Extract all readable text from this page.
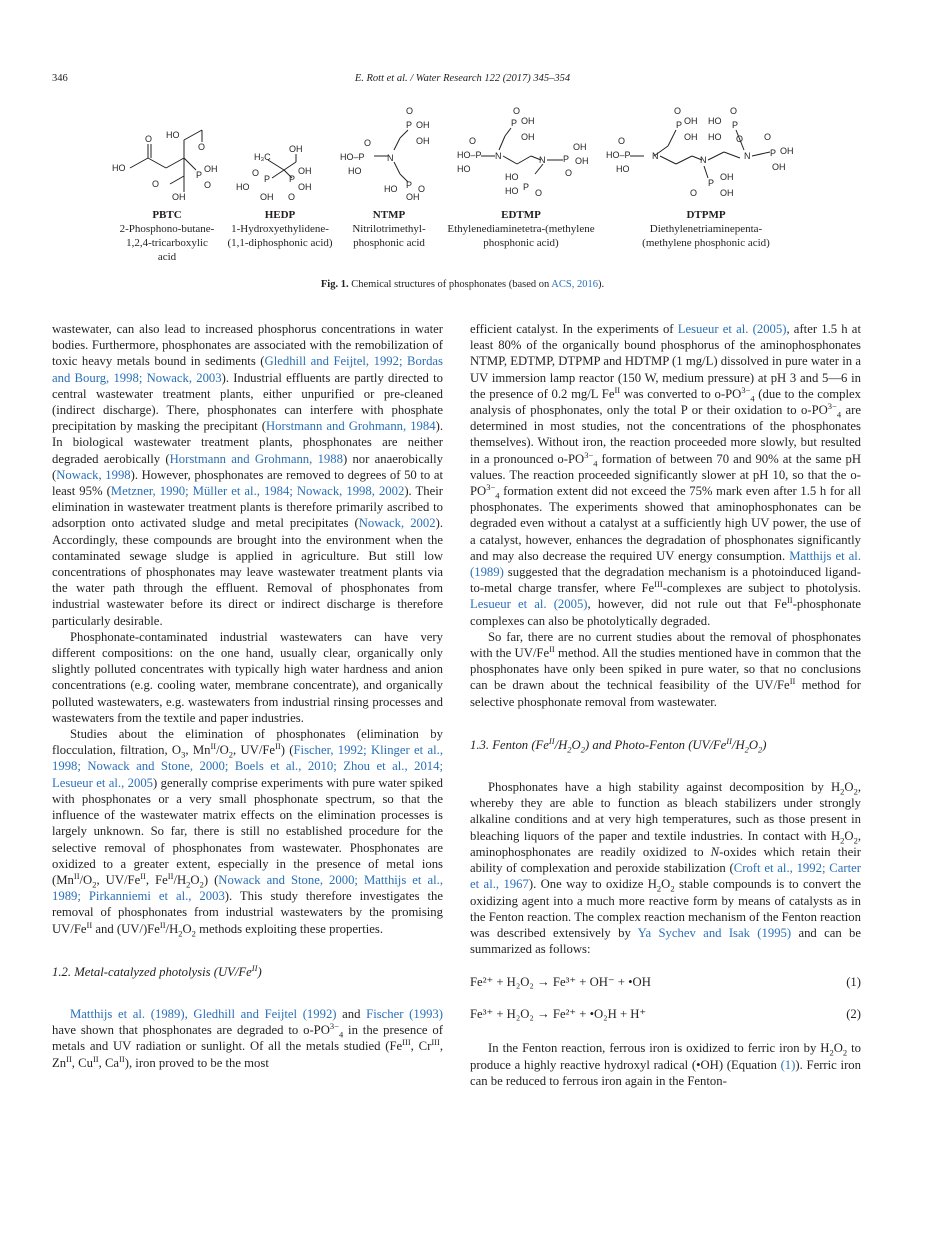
346	E. Rott et al. / Water Research 122 (2017) 345–354
HO
O HO
O
O
OH
P
OH
O
H₃C
OH
P P
OH
OH
HO
O
OH O
O
P OH
OH
N
HO–P
O
HO
P
HO O
OH
O
P OH
OH
N
HO–P
O
HO
N P
OH
OH
O
HO
P
HO O
O
P OH
OH
HO
O
P
HO O
N
HO–P
O
HO
N	N P OH
OH
O
P
OH
OH
O
PBTC
2-Phosphono-butane-1,2,4-tricarboxylic acid
HEDP
1-Hydroxyethylidene-(1,1-diphosphonic acid)
NTMP
Nitrilotrimethyl-phosphonic acid
EDTMP
Ethylenediaminetetra-(methylene phosphonic acid)
DTPMP
Diethylenetriaminepenta-(methylene phosphonic acid)
Fig. 1. Chemical structures of phosphonates (based on ACS, 2016).

wastewater, can also lead to increased phosphorus concentrations in water bodies. Furthermore, phosphonates are associated with the remobilization of toxic heavy metals bound in sediments (Gledhill and Feijtel, 1992; Bordas and Bourg, 1998; Nowack, 2003). Industrial effluents are partly directed to central wastewater treatment plants, either unpurified or pre-cleaned (indirect discharge). There, phosphonates can interfere with phosphate precipitation by masking the precipitant (Horstmann and Grohmann, 1984). In biological wastewater treatment plants, phosphonates are neither degraded aerobically (Horstmann and Grohmann, 1988) nor anaerobically (Nowack, 1998). However, phosphonates are removed to degrees of 50 to at least 95% (Metzner, 1990; Müller et al., 1984; Nowack, 1998, 2002). Their elimination in wastewater treatment plants is therefore primarily ascribed to adsorption onto activated sludge and metal precipitates (Nowack, 2002). Accordingly, these compounds are brought into the environment when the contaminated sewage sludge is applied in agriculture. But still low concentrations of phosphonates may leave wastewater treatment plants via the water path through the effluent. Removal of phosphonates from industrial wastewater before its direct or indirect discharge is therefore particularly desirable.

Phosphonate-contaminated industrial wastewaters can have very different compositions: on the one hand, usually clear, organically only slightly polluted concentrates with typically high water hardness and anion concentrations (e.g. cooling water, membrane concentrate), and organically polluted wastewaters, e.g. wastewaters from industrial rinsing processes and wastewaters from the textile and paper industries.

Studies about the elimination of phosphonates (elimination by flocculation, filtration, $O_3$, $Mn^{II}/O_2$, $UV/Fe^{II}$) (Fischer, 1992; Klinger et al., 1998; Nowack and Stone, 2000; Boels et al., 2010; Zhou et al., 2014; Lesueur et al., 2005) generally comprise experiments with pure water spiked with phosphonates or a very small phosphonate spectrum, so that the influence of the wastewater matrix effects on the elimination processes is largely unknown. So far, there is still no established procedure for the selective removal of phosphonates from wastewater. Phosphonates are oxidized to a greater extent, especially in the presence of metal ions ($Mn^{II}/O_2$, $UV/Fe^{II}$, $Fe^{II}/H_2O_2$) (Nowack and Stone, 2000; Matthijs et al., 1989; Pirkanniemi et al., 2003). This study therefore investigates the removal of phosphonates from industrial wastewaters by the promising $UV/Fe^{II}$ and $(UV/)Fe^{II}/H_2O_2$ methods exploiting these properties.

1.2. Metal-catalyzed photolysis $(UV/Fe^{II})$

Matthijs et al. (1989), Gledhill and Feijtel (1992) and Fischer (1993) have shown that phosphonates are degraded to $o-PO^{3-}_4$ in the presence of metals and UV radiation or sunlight. Of all the metals studied ($Fe^{III}$, $Cr^{III}$, $Zn^{II}$, $Cu^{II}$, $Ca^{II}$), iron proved to be the most

efficient catalyst. In the experiments of Lesueur et al. (2005), after 1.5 h at least 80% of the organically bound phosphorus of the aminophosphonates NTMP, EDTMP, DTPMP and HDTMP (1 mg/L) dissolved in pure water in a UV immersion lamp reactor (150 W, medium pressure) at pH 3 and 5—6 in the presence of 0.2 mg/L $Fe^{II}$ was converted to $o-PO^{3-}_4$ (due to the complex analysis of phosphonates, only the total P or their oxidation to $o-PO^{3-}_4$ are determined in most studies, not the concentrations of the phosphonates themselves). Without iron, the reaction proceeded more slowly, but resulted in a pronounced $o-PO^{3-}_4$ formation of between 70 and 90% at the same pH values. The reaction proceeded significantly slower at pH 10, so that the $o-PO^{3-}_4$ formation extent did not exceed the 75% mark even after 1.5 h for all phosphonates. The experiments showed that aminophosphonates can be degraded even without a catalyst at a sufficiently high UV power, the use of a catalyst, however, enhances the degradation of phosphonates significantly and may also decrease the required UV energy consumption. Matthijs et al. (1989) suggested that the degradation mechanism is a photoinduced ligand-to-metal charge transfer, where $Fe^{III}$-complexes are subject to photolysis. Lesueur et al. (2005), however, did not rule out that $Fe^{II}$-phosphonate complexes can also be photolytically degraded.

So far, there are no current studies about the removal of phosphonates with the $UV/Fe^{II}$ method. All the studies mentioned have in common that the phosphonates have only been spiked in pure water, so that no conclusions can be drawn about the technical feasibility of the $UV/Fe^{II}$ method for selective phosphonate removal from wastewater.

1.3. Fenton $(Fe^{II}/H_2O_2)$ and Photo-Fenton $(UV/Fe^{II}/H_2O_2)$

Phosphonates have a high stability against decomposition by $H_2O_2$, whereby they are able to function as bleach stabilizers under strongly alkaline conditions and at very high temperatures, such as those present in bleaching liquors of the paper and textile industries. In contact with $H_2O_2$, aminophosphonates are readily oxidized to N-oxides which retain their ability of complexation and peroxide stabilization (Croft et al., 1992; Carter et al., 1967). One way to oxidize $H_2O_2$ stable compounds is to convert the oxidizing agent into a much more reactive form by means of catalysts as in the Fenton reaction. The complex reaction mechanism of the Fenton reaction was described extensively by Ya Sychev and Isak (1995) and can be summarized as follows:

Fe²⁺ + H₂O₂ → Fe³⁺ + OH⁻ + •OH	(1)
Fe³⁺ + H₂O₂ → Fe²⁺ + •O₂H + H⁺	(2)

In the Fenton reaction, ferrous iron is oxidized to ferric iron by $H_2O_2$ to produce a highly reactive hydroxyl radical (•OH) (Equation (1)). Ferric iron can be reduced to ferrous iron again in the Fenton-
